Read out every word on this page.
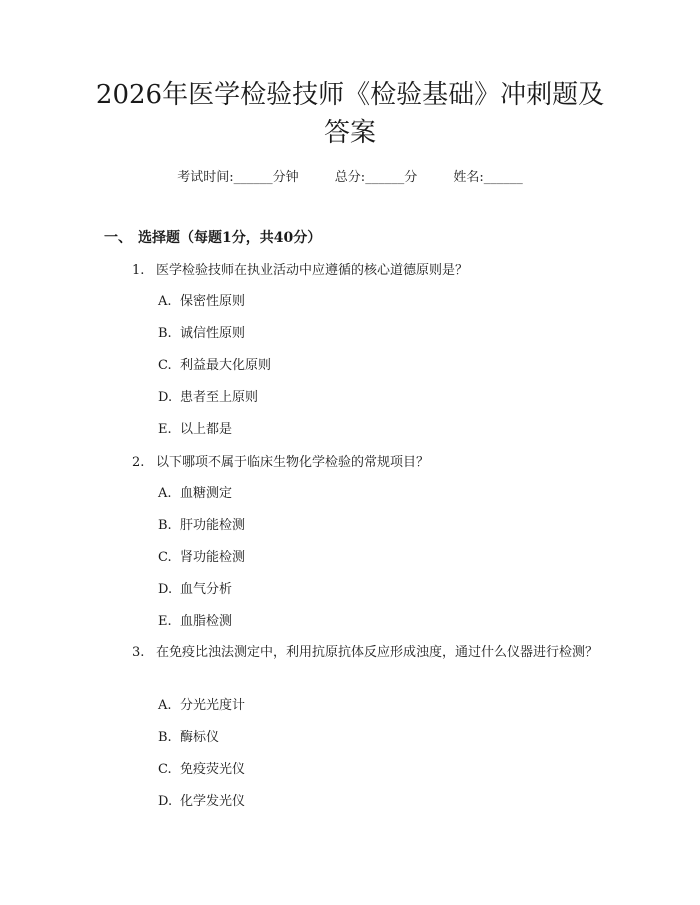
2026年医学检验技师《检验基础》冲刺题及答案
考试时间:______分钟	总分:______分	姓名:______
一、 选择题（每题1分，共40分）
1. 医学检验技师在执业活动中应遵循的核心道德原则是？
A. 保密性原则
B. 诚信性原则
C. 利益最大化原则
D. 患者至上原则
E. 以上都是
2. 以下哪项不属于临床生物化学检验的常规项目？
A. 血糖测定
B. 肝功能检测
C. 肾功能检测
D. 血气分析
E. 血脂检测
3. 在免疫比浊法测定中，利用抗原抗体反应形成浊度，通过什么仪器进行检测？
A. 分光光度计
B. 酶标仪
C. 免疫荧光仪
D. 化学发光仪
